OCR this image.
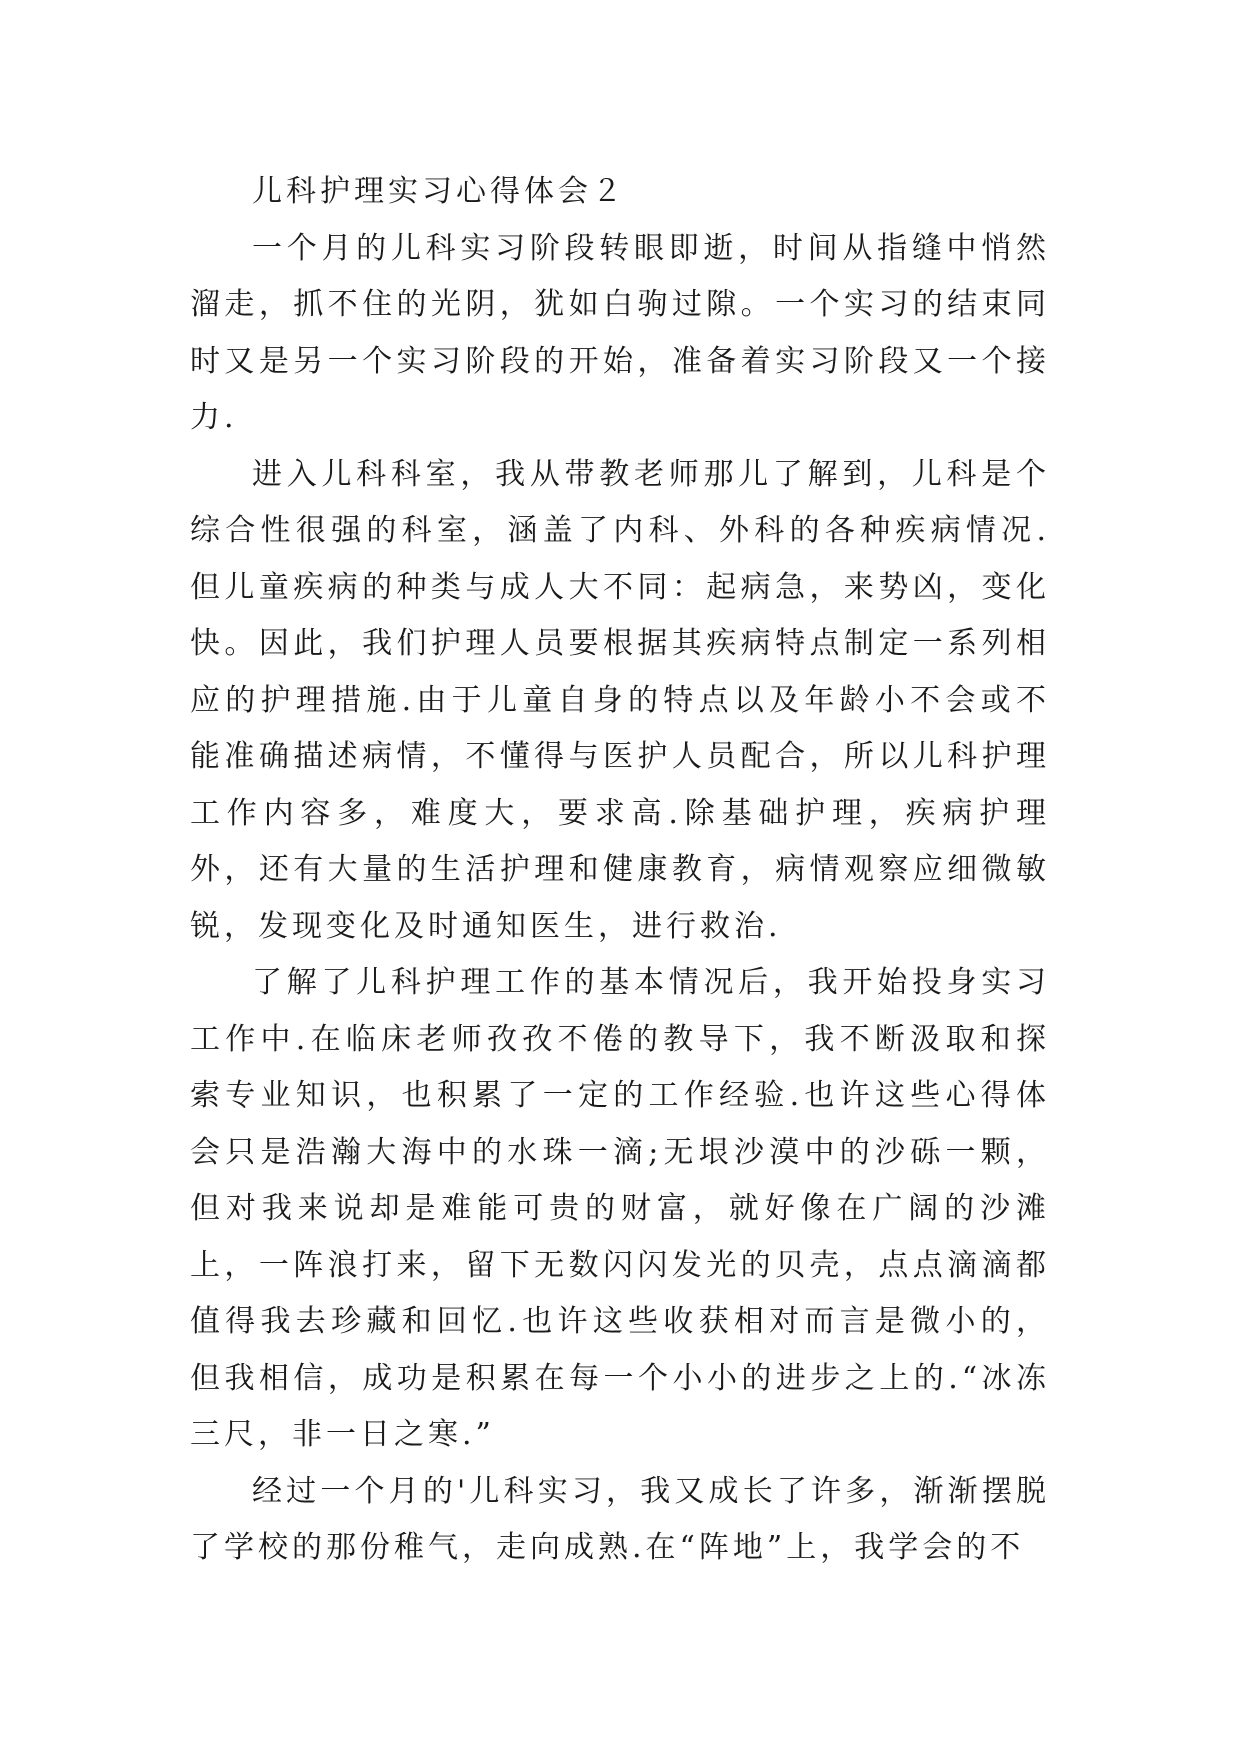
儿科护理实习心得体会２

一个月的儿科实习阶段转眼即逝，时间从指缝中悄然溜走，抓不住的光阴，犹如白驹过隙。一个实习的结束同时又是另一个实习阶段的开始，准备着实习阶段又一个接力.

进入儿科科室，我从带教老师那儿了解到，儿科是个综合性很强的科室，涵盖了内科、外科的各种疾病情况.但儿童疾病的种类与成人大不同：起病急，来势凶，变化快。因此，我们护理人员要根据其疾病特点制定一系列相应的护理措施.由于儿童自身的特点以及年龄小不会或不能准确描述病情，不懂得与医护人员配合，所以儿科护理工作内容多，难度大，要求高.除基础护理，疾病护理外，还有大量的生活护理和健康教育，病情观察应细微敏锐，发现变化及时通知医生，进行救治.

了解了儿科护理工作的基本情况后，我开始投身实习工作中.在临床老师孜孜不倦的教导下，我不断汲取和探索专业知识，也积累了一定的工作经验.也许这些心得体会只是浩瀚大海中的水珠一滴;无垠沙漠中的沙砾一颗，但对我来说却是难能可贵的财富，就好像在广阔的沙滩上，一阵浪打来，留下无数闪闪发光的贝壳，点点滴滴都值得我去珍藏和回忆.也许这些收获相对而言是微小的，但我相信，成功是积累在每一个小小的进步之上的.“冰冻三尺，非一日之寒.”

经过一个月的'儿科实习，我又成长了许多，渐渐摆脱了学校的那份稚气，走向成熟.在“阵地”上，我学会的不
